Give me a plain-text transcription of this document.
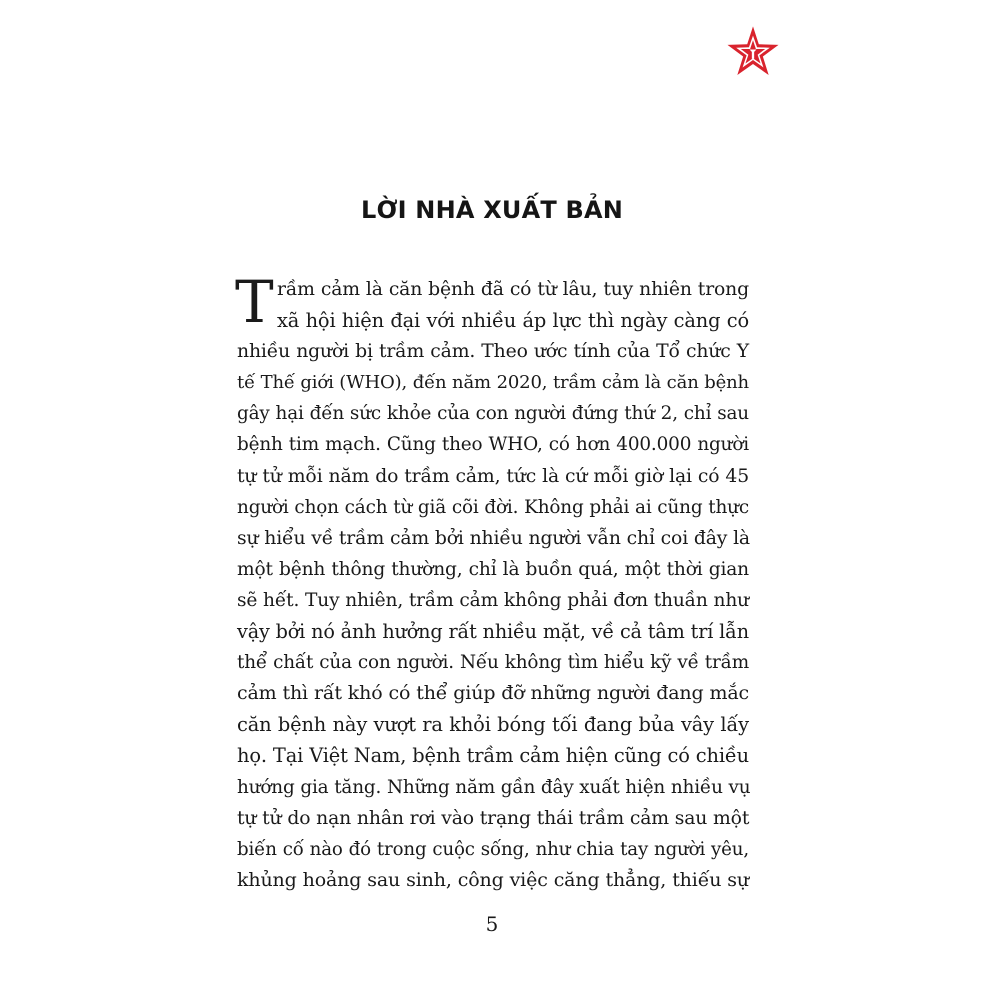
LỜI NHÀ XUẤT BẢN
T rầm cảm là căn bệnh đã có từ lâu, tuy nhiên trong
xã hội hiện đại với nhiều áp lực thì ngày càng có
nhiều người bị trầm cảm. Theo ước tính của Tổ chức Y
tế Thế giới (WHO), đến năm 2020, trầm cảm là căn bệnh
gây hại đến sức khỏe của con người đứng thứ 2, chỉ sau
bệnh tim mạch. Cũng theo WHO, có hơn 400.000 người
tự tử mỗi năm do trầm cảm, tức là cứ mỗi giờ lại có 45
người chọn cách từ giã cõi đời. Không phải ai cũng thực
sự hiểu về trầm cảm bởi nhiều người vẫn chỉ coi đây là
một bệnh thông thường, chỉ là buồn quá, một thời gian
sẽ hết. Tuy nhiên, trầm cảm không phải đơn thuần như
vậy bởi nó ảnh hưởng rất nhiều mặt, về cả tâm trí lẫn
thể chất của con người. Nếu không tìm hiểu kỹ về trầm
cảm thì rất khó có thể giúp đỡ những người đang mắc
căn bệnh này vượt ra khỏi bóng tối đang bủa vây lấy
họ. Tại Việt Nam, bệnh trầm cảm hiện cũng có chiều
hướng gia tăng. Những năm gần đây xuất hiện nhiều vụ
tự tử do nạn nhân rơi vào trạng thái trầm cảm sau một
biến cố nào đó trong cuộc sống, như chia tay người yêu,
khủng hoảng sau sinh, công việc căng thẳng, thiếu sự
5
